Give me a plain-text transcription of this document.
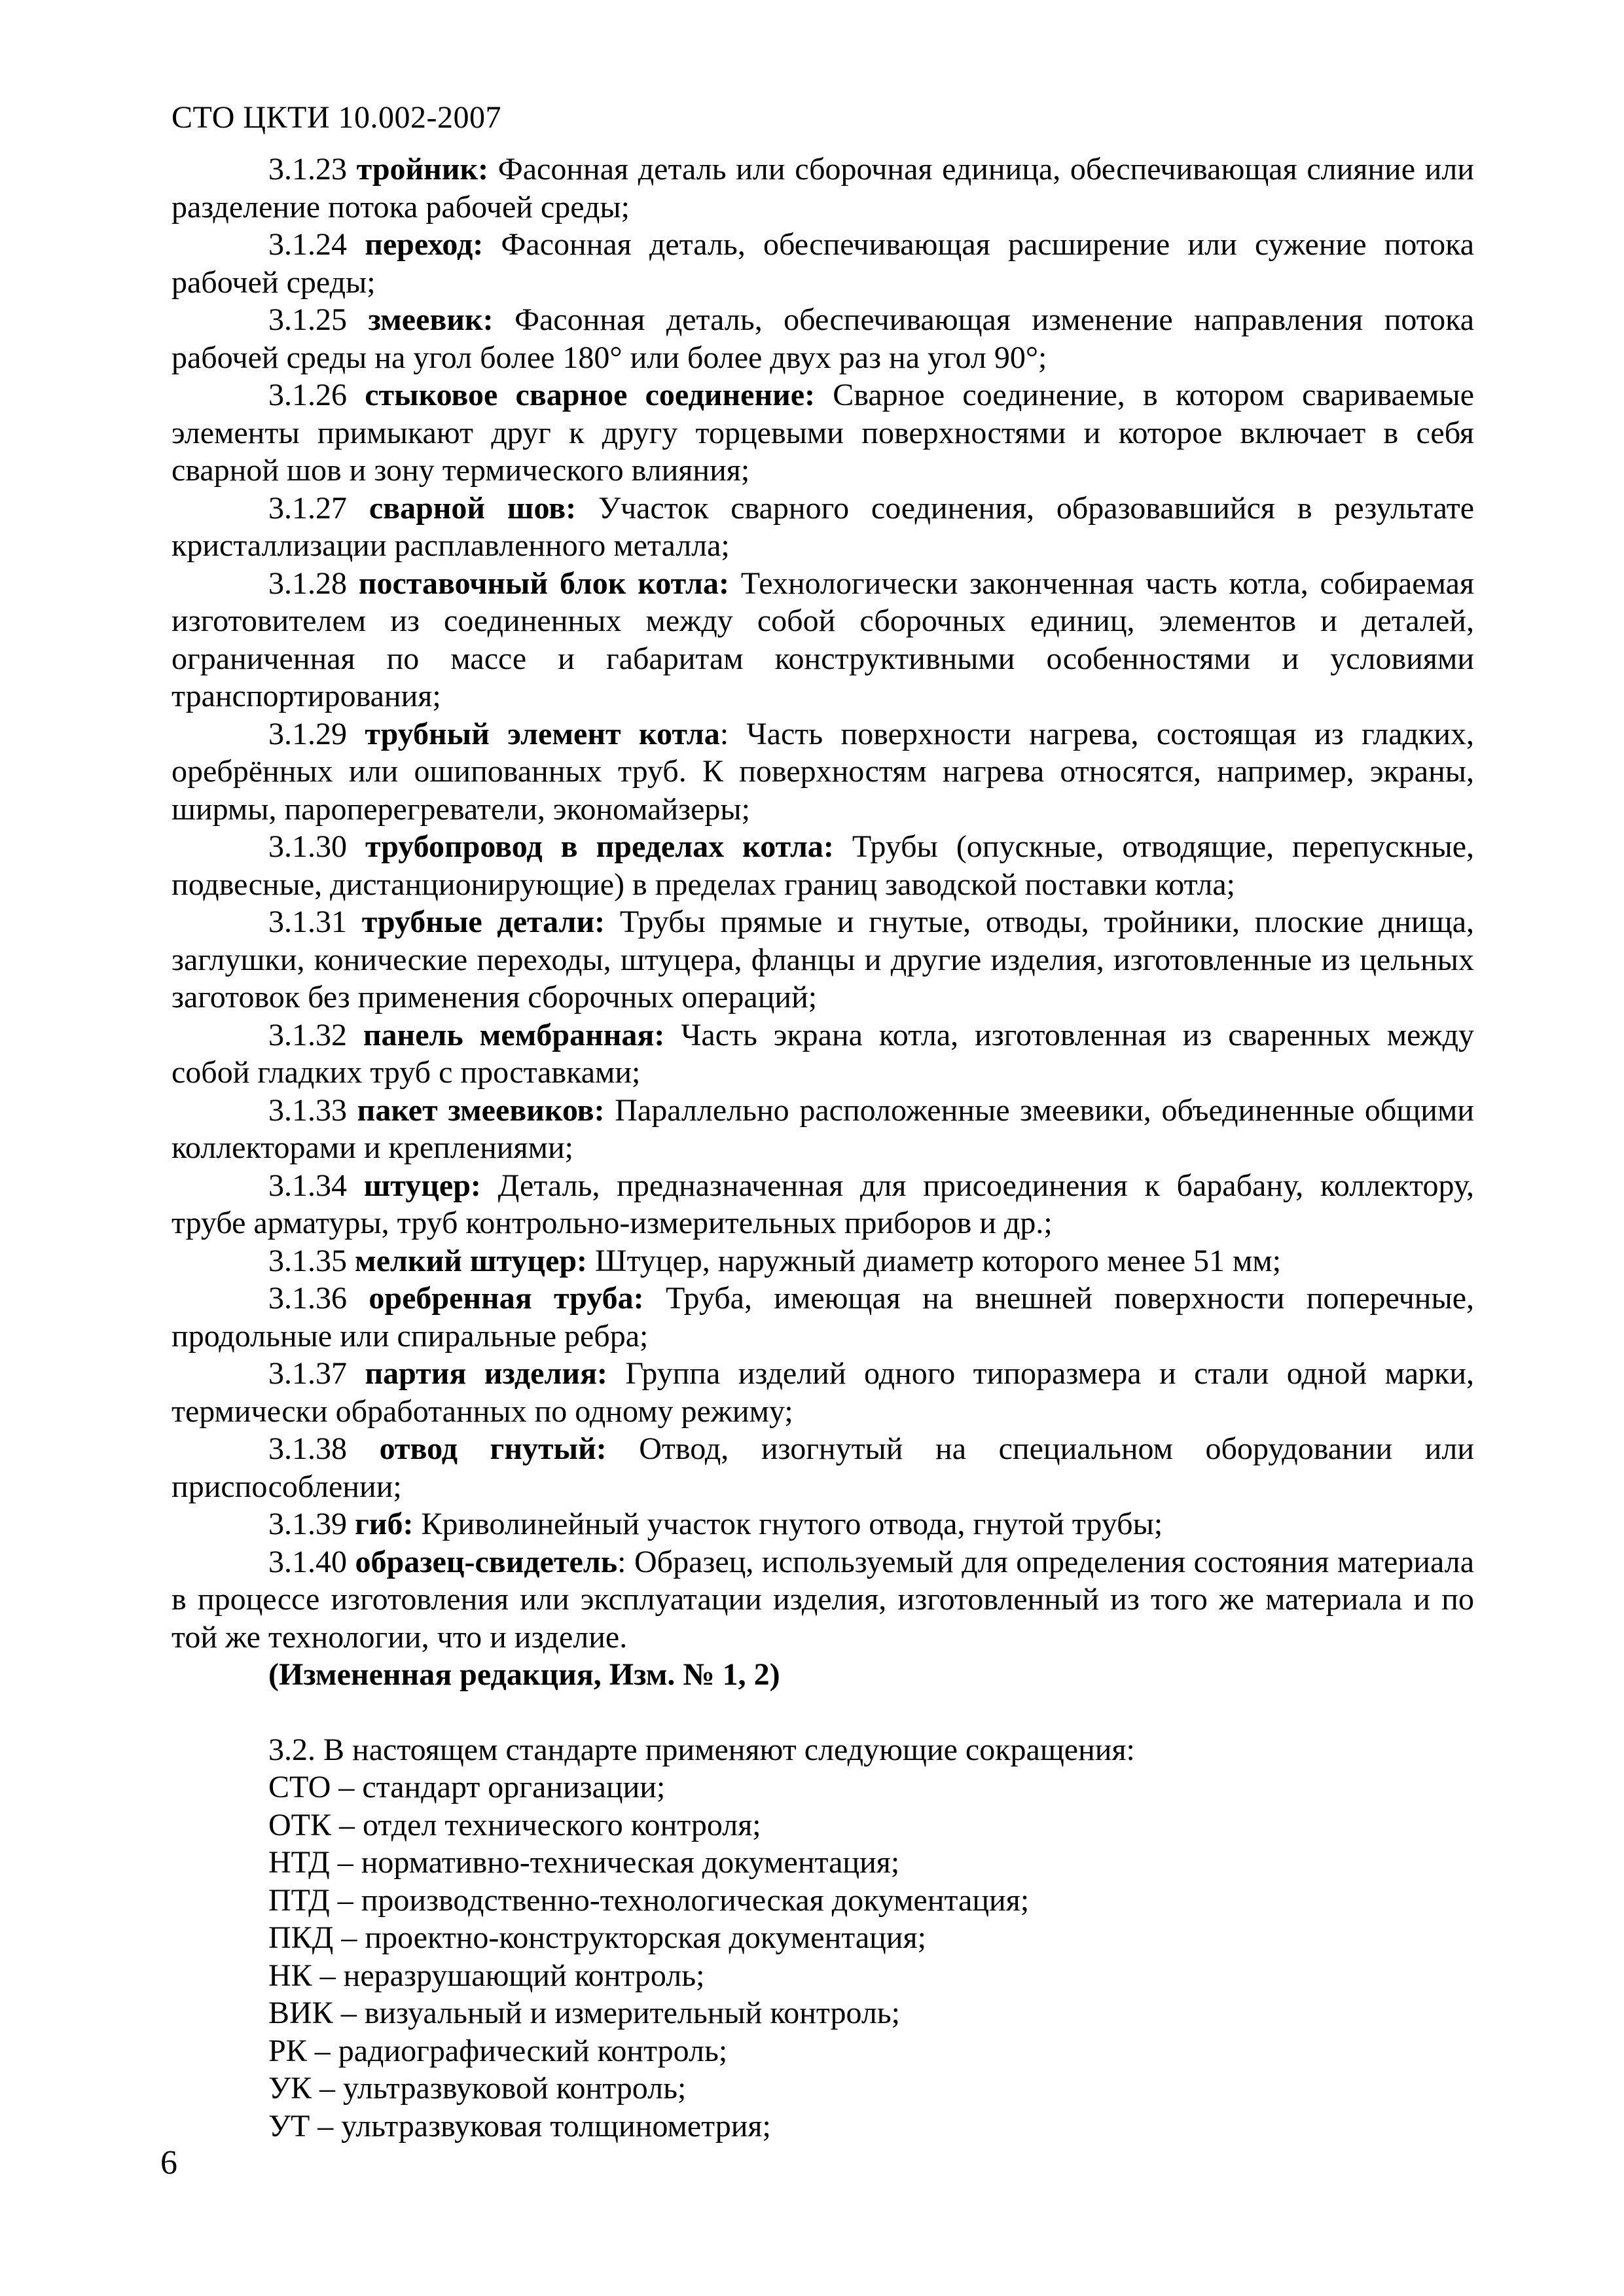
СТО ЦКТИ 10.002-2007

3.1.23 тройник: Фасонная деталь или сборочная единица, обеспечивающая слияние или разделение потока рабочей среды;

3.1.24 переход: Фасонная деталь, обеспечивающая расширение или сужение потока рабочей среды;

3.1.25 змеевик: Фасонная деталь, обеспечивающая изменение направления потока рабочей среды на угол более 180° или более двух раз на угол 90°;

3.1.26 стыковое сварное соединение: Сварное соединение, в котором свариваемые элементы примыкают друг к другу торцевыми поверхностями и которое включает в себя сварной шов и зону термического влияния;

3.1.27 сварной шов: Участок сварного соединения, образовавшийся в результате кристаллизации расплавленного металла;

3.1.28 поставочный блок котла: Технологически законченная часть котла, собираемая изготовителем из соединенных между собой сборочных единиц, элементов и деталей, ограниченная по массе и габаритам конструктивными особенностями и условиями транспортирования;

3.1.29 трубный элемент котла: Часть поверхности нагрева, состоящая из гладких, оребрённых или ошипованных труб. К поверхностям нагрева относятся, например, экраны, ширмы, пароперегреватели, экономайзеры;

3.1.30 трубопровод в пределах котла: Трубы (опускные, отводящие, перепускные, подвесные, дистанционирующие) в пределах границ заводской поставки котла;

3.1.31 трубные детали: Трубы прямые и гнутые, отводы, тройники, плоские днища, заглушки, конические переходы, штуцера, фланцы и другие изделия, изготовленные из цельных заготовок без применения сборочных операций;

3.1.32 панель мембранная: Часть экрана котла, изготовленная из сваренных между собой гладких труб с проставками;

3.1.33 пакет змеевиков: Параллельно расположенные змеевики, объединенные общими коллекторами и креплениями;

3.1.34 штуцер: Деталь, предназначенная для присоединения к барабану, коллектору, трубе арматуры, труб контрольно-измерительных приборов и др.;

3.1.35 мелкий штуцер: Штуцер, наружный диаметр которого менее 51 мм;

3.1.36 оребренная труба: Труба, имеющая на внешней поверхности поперечные, продольные или спиральные ребра;

3.1.37 партия изделия: Группа изделий одного типоразмера и стали одной марки, термически обработанных по одному режиму;

3.1.38 отвод гнутый: Отвод, изогнутый на специальном оборудовании или приспособлении;

3.1.39 гиб: Криволинейный участок гнутого отвода, гнутой трубы;

3.1.40 образец-свидетель: Образец, используемый для определения состояния материала в процессе изготовления или эксплуатации изделия, изготовленный из того же материала и по той же технологии, что и изделие.

(Измененная редакция, Изм. № 1, 2)

3.2. В настоящем стандарте применяют следующие сокращения:

СТО – стандарт организации;
ОТК – отдел технического контроля;
НТД – нормативно-техническая документация;
ПТД – производственно-технологическая документация;
ПКД – проектно-конструкторская документация;
НК – неразрушающий контроль;
ВИК – визуальный и измерительный контроль;
РК – радиографический контроль;
УК – ультразвуковой контроль;
УТ – ультразвуковая толщинометрия;
6
